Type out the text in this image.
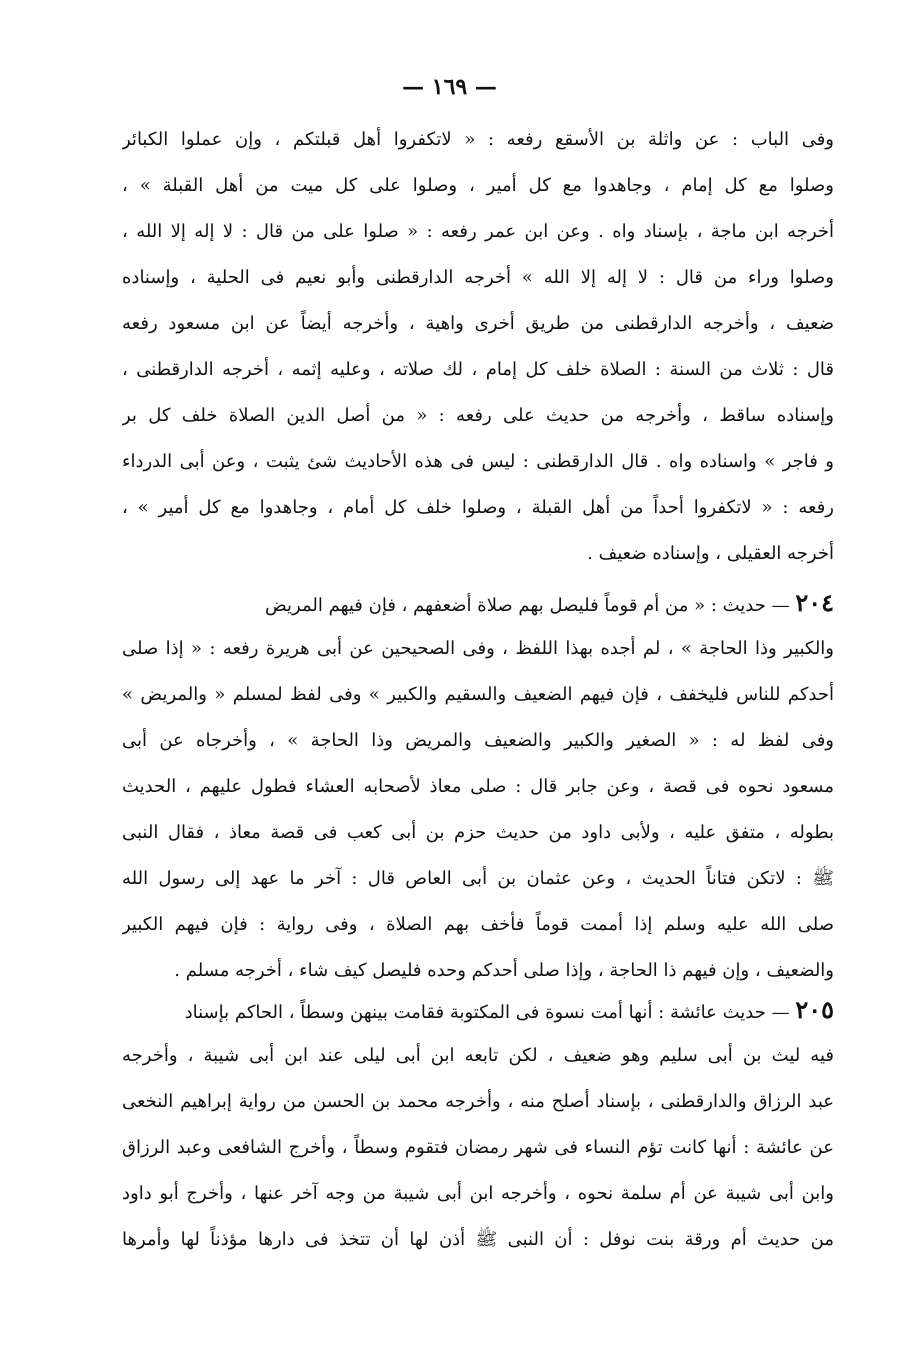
— ١٦٩ —
وفى الباب : عن واثلة بن الأسقع رفعه : « لاتكفروا أهل قبلتكم ، وإن عملوا الكبائر
وصلوا مع كل إمام ، وجاهدوا مع كل أمير ، وصلوا على كل ميت من أهل القبلة » ،
أخرجه ابن ماجة ، بإسناد واه . وعن ابن عمر رفعه : « صلوا على من قال : لا إله إلا الله ،
وصلوا وراء من قال : لا إله إلا الله » أخرجه الدارقطنى وأبو نعيم فى الحلية ، وإسناده
ضعيف ، وأخرجه الدارقطنى من طريق أخرى واهية ، وأخرجه أيضاً عن ابن مسعود رفعه
قال : ثلاث من السنة : الصلاة خلف كل إمام ، لك صلاته ، وعليه إثمه ، أخرجه الدارقطنى ،
وإسناده ساقط ، وأخرجه من حديث على رفعه : « من أصل الدين الصلاة خلف كل بر
و فاجر » واسناده واه . قال الدارقطنى : ليس فى هذه الأحاديث شئ يثبت ، وعن أبى الدرداء
رفعه : « لاتكفروا أحداً من أهل القبلة ، وصلوا خلف كل أمام ، وجاهدوا مع كل أمير » ،
أخرجه العقيلى ، وإسناده ضعيف .
٢٠٤ — حديث : « من أم قوماً فليصل بهم صلاة أضعفهم ، فإن فيهم المريض
والكبير وذا الحاجة » ، لم أجده بهذا اللفظ ، وفى الصحيحين عن أبى هريرة رفعه : « إذا صلى
أحدكم للناس فليخفف ، فإن فيهم الضعيف والسقيم والكبير » وفى لفظ لمسلم « والمريض »
وفى لفظ له : « الصغير والكبير والضعيف والمريض وذا الحاجة » ، وأخرجاه عن أبى
مسعود نحوه فى قصة ، وعن جابر قال : صلى معاذ لأصحابه العشاء فطول عليهم ، الحديث
بطوله ، متفق عليه ، ولأبى داود من حديث حزم بن أبى كعب فى قصة معاذ ، فقال النبى
ﷺ : لاتكن فتاناً الحديث ، وعن عثمان بن أبى العاص قال : آخر ما عهد إلى رسول الله
صلى الله عليه وسلم إذا أممت قوماً فأخف بهم الصلاة ، وفى رواية : فإن فيهم الكبير
والضعيف ، وإن فيهم ذا الحاجة ، وإذا صلى أحدكم وحده فليصل كيف شاء ، أخرجه مسلم .
٢٠٥ — حديث عائشة : أنها أمت نسوة فى المكتوبة فقامت بينهن وسطاً ، الحاكم بإسناد
فيه ليث بن أبى سليم وهو ضعيف ، لكن تابعه ابن أبى ليلى عند ابن أبى شيبة ، وأخرجه
عبد الرزاق والدارقطنى ، بإسناد أصلح منه ، وأخرجه محمد بن الحسن من رواية إبراهيم النخعى
عن عائشة : أنها كانت تؤم النساء فى شهر رمضان فتقوم وسطاً ، وأخرج الشافعى وعبد الرزاق
وابن أبى شيبة عن أم سلمة نحوه ، وأخرجه ابن أبى شيبة من وجه آخر عنها ، وأخرج أبو داود
من حديث أم ورقة بنت نوفل : أن النبى ﷺ أذن لها أن تتخذ فى دارها مؤذناً لها وأمرها
